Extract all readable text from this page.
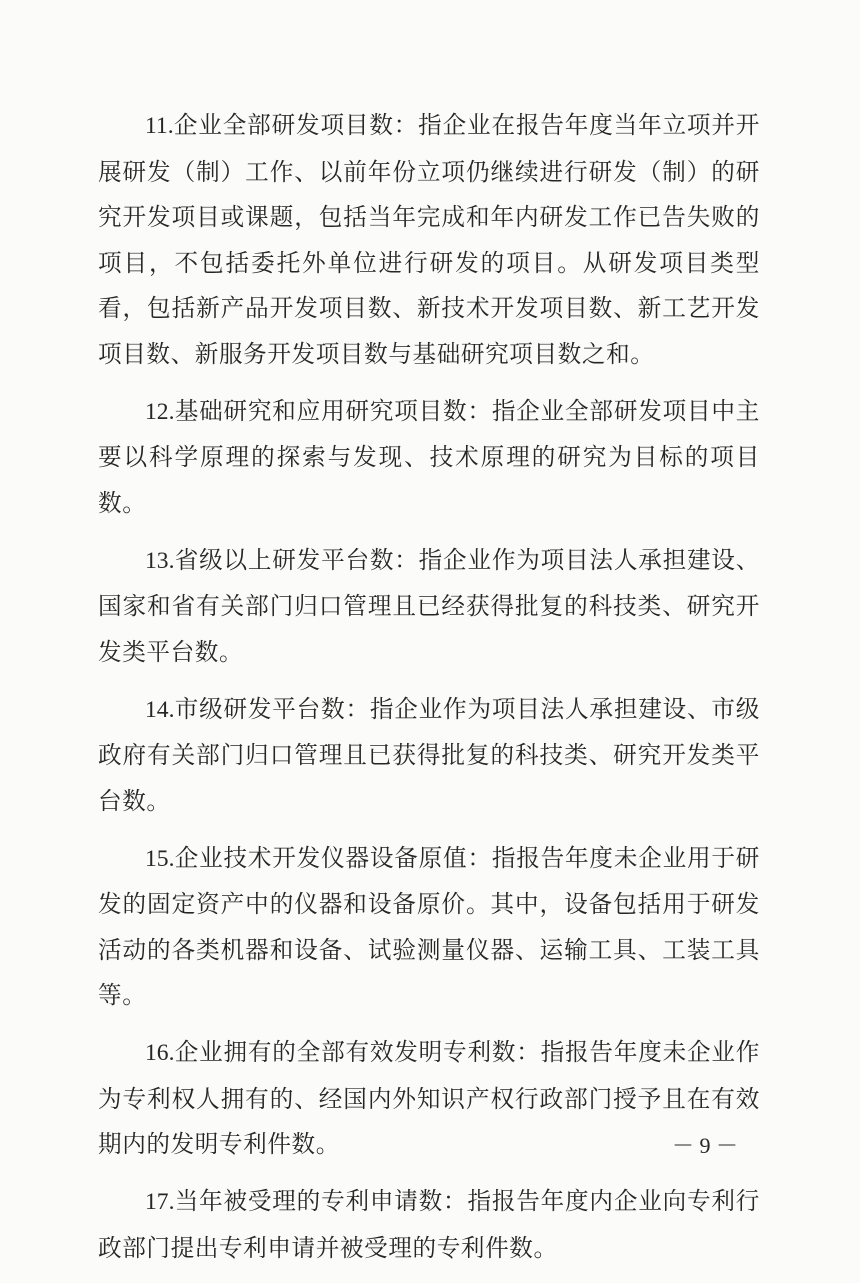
11.企业全部研发项目数：指企业在报告年度当年立项并开展研发（制）工作、以前年份立项仍继续进行研发（制）的研究开发项目或课题，包括当年完成和年内研发工作已告失败的项目，不包括委托外单位进行研发的项目。从研发项目类型看，包括新产品开发项目数、新技术开发项目数、新工艺开发项目数、新服务开发项目数与基础研究项目数之和。

12.基础研究和应用研究项目数：指企业全部研发项目中主要以科学原理的探索与发现、技术原理的研究为目标的项目数。

13.省级以上研发平台数：指企业作为项目法人承担建设、国家和省有关部门归口管理且已经获得批复的科技类、研究开发类平台数。

14.市级研发平台数：指企业作为项目法人承担建设、市级政府有关部门归口管理且已获得批复的科技类、研究开发类平台数。

15.企业技术开发仪器设备原值：指报告年度未企业用于研发的固定资产中的仪器和设备原价。其中，设备包括用于研发活动的各类机器和设备、试验测量仪器、运输工具、工装工具等。

16.企业拥有的全部有效发明专利数：指报告年度未企业作为专利权人拥有的、经国内外知识产权行政部门授予且在有效期内的发明专利件数。

17.当年被受理的专利申请数：指报告年度内企业向专利行政部门提出专利申请并被受理的专利件数。

－ 9 －
